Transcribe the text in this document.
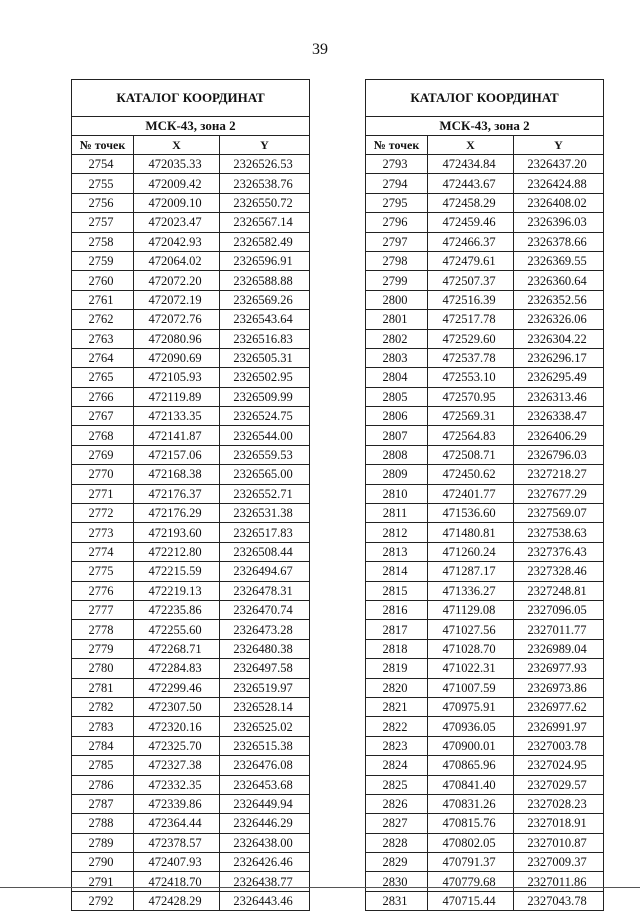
39
КАТАЛОГ КООРДИНАТ		
МСК-43, зона 2		
№ точек	X	Y
2754	472035.33	2326526.53
2755	472009.42	2326538.76
2756	472009.10	2326550.72
2757	472023.47	2326567.14
2758	472042.93	2326582.49
2759	472064.02	2326596.91
2760	472072.20	2326588.88
2761	472072.19	2326569.26
2762	472072.76	2326543.64
2763	472080.96	2326516.83
2764	472090.69	2326505.31
2765	472105.93	2326502.95
2766	472119.89	2326509.99
2767	472133.35	2326524.75
2768	472141.87	2326544.00
2769	472157.06	2326559.53
2770	472168.38	2326565.00
2771	472176.37	2326552.71
2772	472176.29	2326531.38
2773	472193.60	2326517.83
2774	472212.80	2326508.44
2775	472215.59	2326494.67
2776	472219.13	2326478.31
2777	472235.86	2326470.74
2778	472255.60	2326473.28
2779	472268.71	2326480.38
2780	472284.83	2326497.58
2781	472299.46	2326519.97
2782	472307.50	2326528.14
2783	472320.16	2326525.02
2784	472325.70	2326515.38
2785	472327.38	2326476.08
2786	472332.35	2326453.68
2787	472339.86	2326449.94
2788	472364.44	2326446.29
2789	472378.57	2326438.00
2790	472407.93	2326426.46
2791	472418.70	2326438.77
2792	472428.29	2326443.46
КАТАЛОГ КООРДИНАТ		
МСК-43, зона 2		
№ точек	X	Y
2793	472434.84	2326437.20
2794	472443.67	2326424.88
2795	472458.29	2326408.02
2796	472459.46	2326396.03
2797	472466.37	2326378.66
2798	472479.61	2326369.55
2799	472507.37	2326360.64
2800	472516.39	2326352.56
2801	472517.78	2326326.06
2802	472529.60	2326304.22
2803	472537.78	2326296.17
2804	472553.10	2326295.49
2805	472570.95	2326313.46
2806	472569.31	2326338.47
2807	472564.83	2326406.29
2808	472508.71	2326796.03
2809	472450.62	2327218.27
2810	472401.77	2327677.29
2811	471536.60	2327569.07
2812	471480.81	2327538.63
2813	471260.24	2327376.43
2814	471287.17	2327328.46
2815	471336.27	2327248.81
2816	471129.08	2327096.05
2817	471027.56	2327011.77
2818	471028.70	2326989.04
2819	471022.31	2326977.93
2820	471007.59	2326973.86
2821	470975.91	2326977.62
2822	470936.05	2326991.97
2823	470900.01	2327003.78
2824	470865.96	2327024.95
2825	470841.40	2327029.57
2826	470831.26	2327028.23
2827	470815.76	2327018.91
2828	470802.05	2327010.87
2829	470791.37	2327009.37
2830	470779.68	2327011.86
2831	470715.44	2327043.78
